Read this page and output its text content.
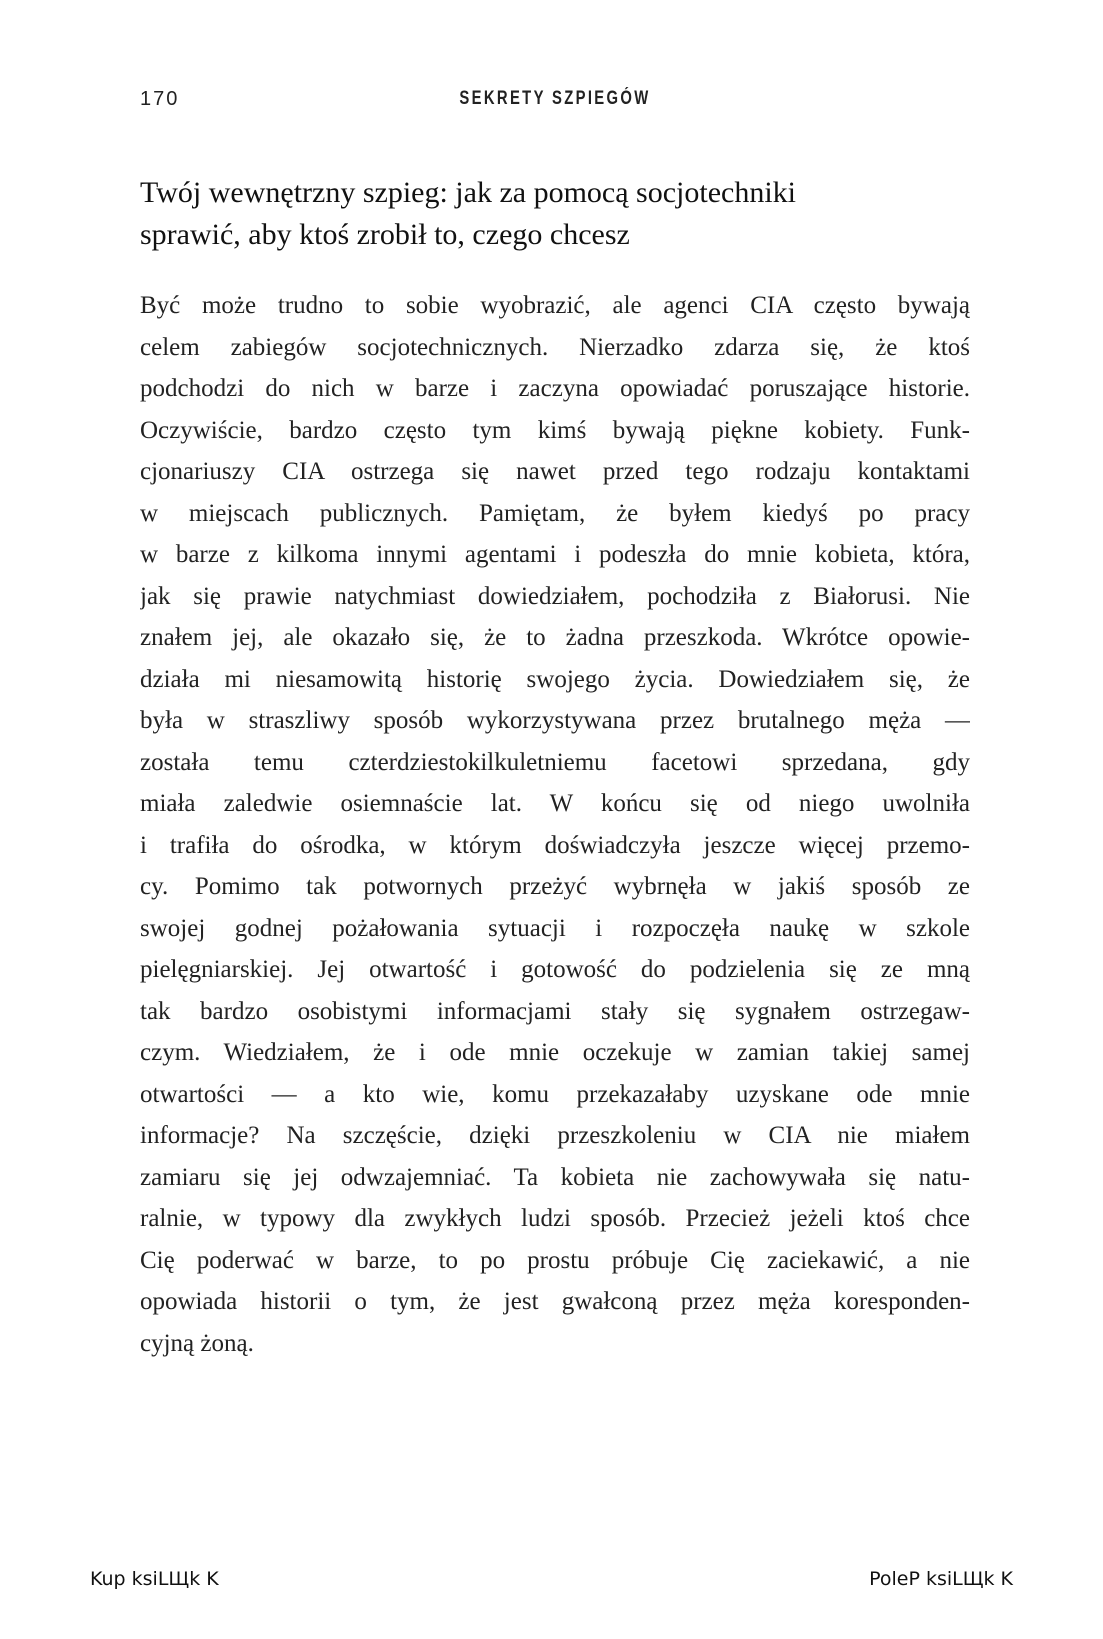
170	SEKRETY SZPIEGÓW
Twój wewnętrzny szpieg: jak za pomocą socjotechniki
sprawić, aby ktoś zrobił to, czego chcesz
Być może trudno to sobie wyobrazić, ale agenci CIA często bywają
celem zabiegów socjotechnicznych. Nierzadko zdarza się, że ktoś
podchodzi do nich w barze i zaczyna opowiadać poruszające historie.
Oczywiście, bardzo często tym kimś bywają piękne kobiety. Funk-
cjonariuszy CIA ostrzega się nawet przed tego rodzaju kontaktami
w miejscach publicznych. Pamiętam, że byłem kiedyś po pracy
w barze z kilkoma innymi agentami i podeszła do mnie kobieta, która,
jak się prawie natychmiast dowiedziałem, pochodziła z Białorusi. Nie
znałem jej, ale okazało się, że to żadna przeszkoda. Wkrótce opowie-
działa mi niesamowitą historię swojego życia. Dowiedziałem się, że
była w straszliwy sposób wykorzystywana przez brutalnego męża —
została temu czterdziestokilkuletniemu facetowi sprzedana, gdy
miała zaledwie osiemnaście lat. W końcu się od niego uwolniła
i trafiła do ośrodka, w którym doświadczyła jeszcze więcej przemo-
cy. Pomimo tak potwornych przeżyć wybrnęła w jakiś sposób ze
swojej godnej pożałowania sytuacji i rozpoczęła naukę w szkole
pielęgniarskiej. Jej otwartość i gotowość do podzielenia się ze mną
tak bardzo osobistymi informacjami stały się sygnałem ostrzegaw-
czym. Wiedziałem, że i ode mnie oczekuje w zamian takiej samej
otwartości — a kto wie, komu przekazałaby uzyskane ode mnie
informacje? Na szczęście, dzięki przeszkoleniu w CIA nie miałem
zamiaru się jej odwzajemniać. Ta kobieta nie zachowywała się natu-
ralnie, w typowy dla zwykłych ludzi sposób. Przecież jeżeli ktoś chce
Cię poderwać w barze, to po prostu próbuje Cię zaciekawić, a nie
opowiada historii o tym, że jest gwałconą przez męża koresponden-
cyjną żoną.
Kup ksiLЩk K	PoleP ksiLЩk K
